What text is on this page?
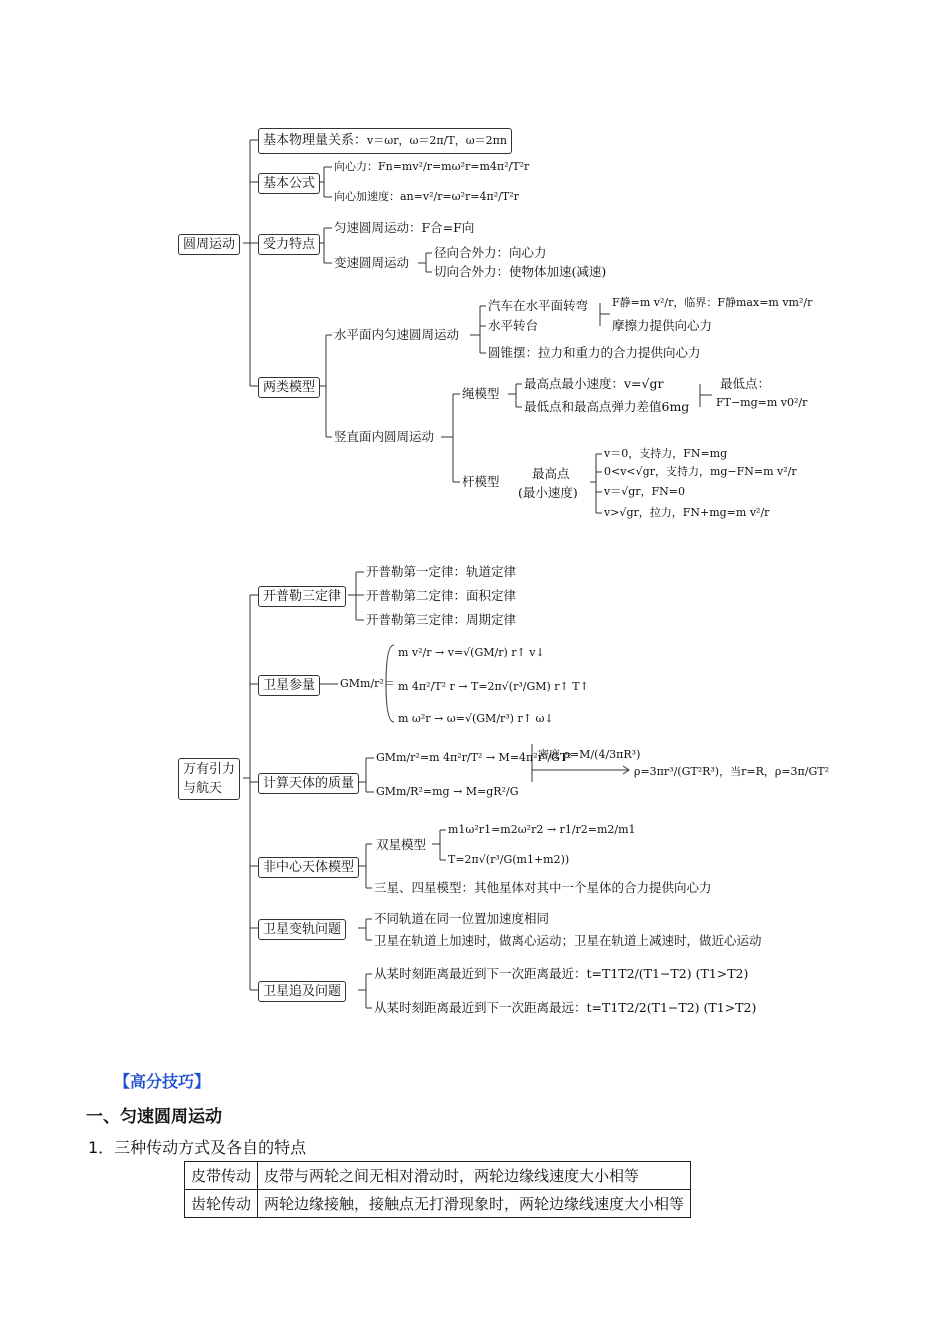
圆周运动
基本物理量关系：v＝ωr，ω＝2π/T，ω＝2πn
基本公式
向心力：Fn=mv²/r=mω²r=m4π²/T²r
向心加速度：an=v²/r=ω²r=4π²/T²r
受力特点
匀速圆周运动：F合=F向
变速圆周运动
径向合外力：向心力
切向合外力：使物体加速(减速)
两类模型
水平面内匀速圆周运动
汽车在水平面转弯
水平转台
F静=m v²/r，临界：F静max=m vm²/r
摩擦力提供向心力
圆锥摆：拉力和重力的合力提供向心力
竖直面内圆周运动
绳模型
最高点最小速度：v=√gr
最低点和最高点弹力差值6mg
最低点：
FT−mg=m v0²/r
杆模型
最高点
(最小速度)
v＝0，支持力，FN=mg
0<v<√gr，支持力，mg−FN=m v²/r
v＝√gr，FN=0
v>√gr，拉力，FN+mg=m v²/r
万有引力
与航天
开普勒三定律
开普勒第一定律：轨道定律
开普勒第二定律：面积定律
开普勒第三定律：周期定律
卫星参量	GMm/r²＝
m v²/r → v=√(GM/r) r↑ v↓
m 4π²/T² r → T=2π√(r³/GM) r↑ T↑
m ω²r → ω=√(GM/r³) r↑ ω↓
计算天体的质量
GMm/r²=m 4π²r/T² → M=4π²r³/GT²
密度 ρ=M/(4/3πR³)
ρ=3πr³/(GT²R³)，当r=R，ρ=3π/GT²
GMm/R²=mg → M=gR²/G
非中心天体模型
双星模型
m1ω²r1=m2ω²r2 → r1/r2=m2/m1
T=2π√(r³/G(m1+m2))
三星、四星模型：其他星体对其中一个星体的合力提供向心力
卫星变轨问题
不同轨道在同一位置加速度相同
卫星在轨道上加速时，做离心运动；卫星在轨道上减速时，做近心运动
卫星追及问题
从某时刻距离最近到下一次距离最近：t=T1T2/(T1−T2) (T1>T2)
从某时刻距离最近到下一次距离最远：t=T1T2/2(T1−T2) (T1>T2)
【高分技巧】
一、匀速圆周运动
1．三种传动方式及各自的特点
皮带传动	皮带与两轮之间无相对滑动时，两轮边缘线速度大小相等
齿轮传动	两轮边缘接触，接触点无打滑现象时，两轮边缘线速度大小相等
